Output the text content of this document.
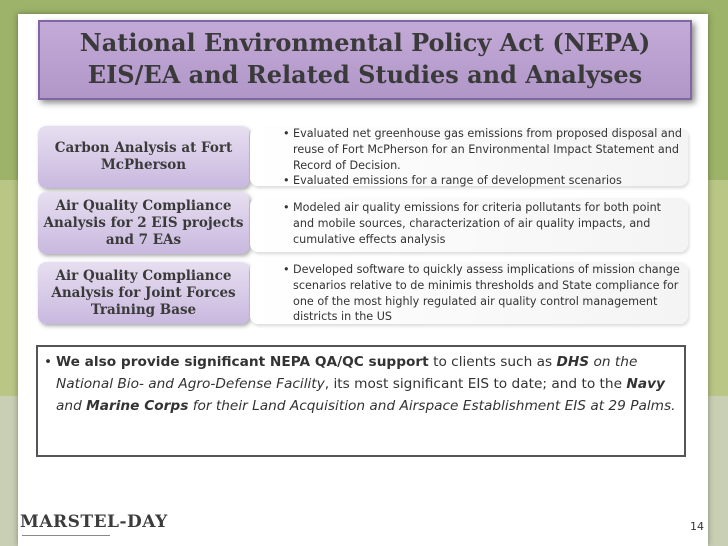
National Environmental Policy Act (NEPA)
EIS/EA and Related Studies and Analyses
Carbon Analysis at Fort McPherson
• Evaluated net greenhouse gas emissions from proposed disposal and reuse of Fort McPherson for an Environmental Impact Statement and Record of Decision.
• Evaluated emissions for a range of development scenarios
Air Quality Compliance Analysis for 2 EIS projects and 7 EAs
• Modeled air quality emissions for criteria pollutants for both point and mobile sources, characterization of air quality impacts, and cumulative effects analysis
Air Quality Compliance Analysis for Joint Forces Training Base
• Developed software to quickly assess implications of mission change scenarios relative to de minimis thresholds and State compliance for one of the most highly regulated air quality control management districts in the US

• We also provide significant NEPA QA/QC support to clients such as DHS on the National Bio- and Agro-Defense Facility, its most significant EIS to date; and to the Navy and Marine Corps for their Land Acquisition and Airspace Establishment EIS at 29 Palms.

MARSTEL-DAY	14
